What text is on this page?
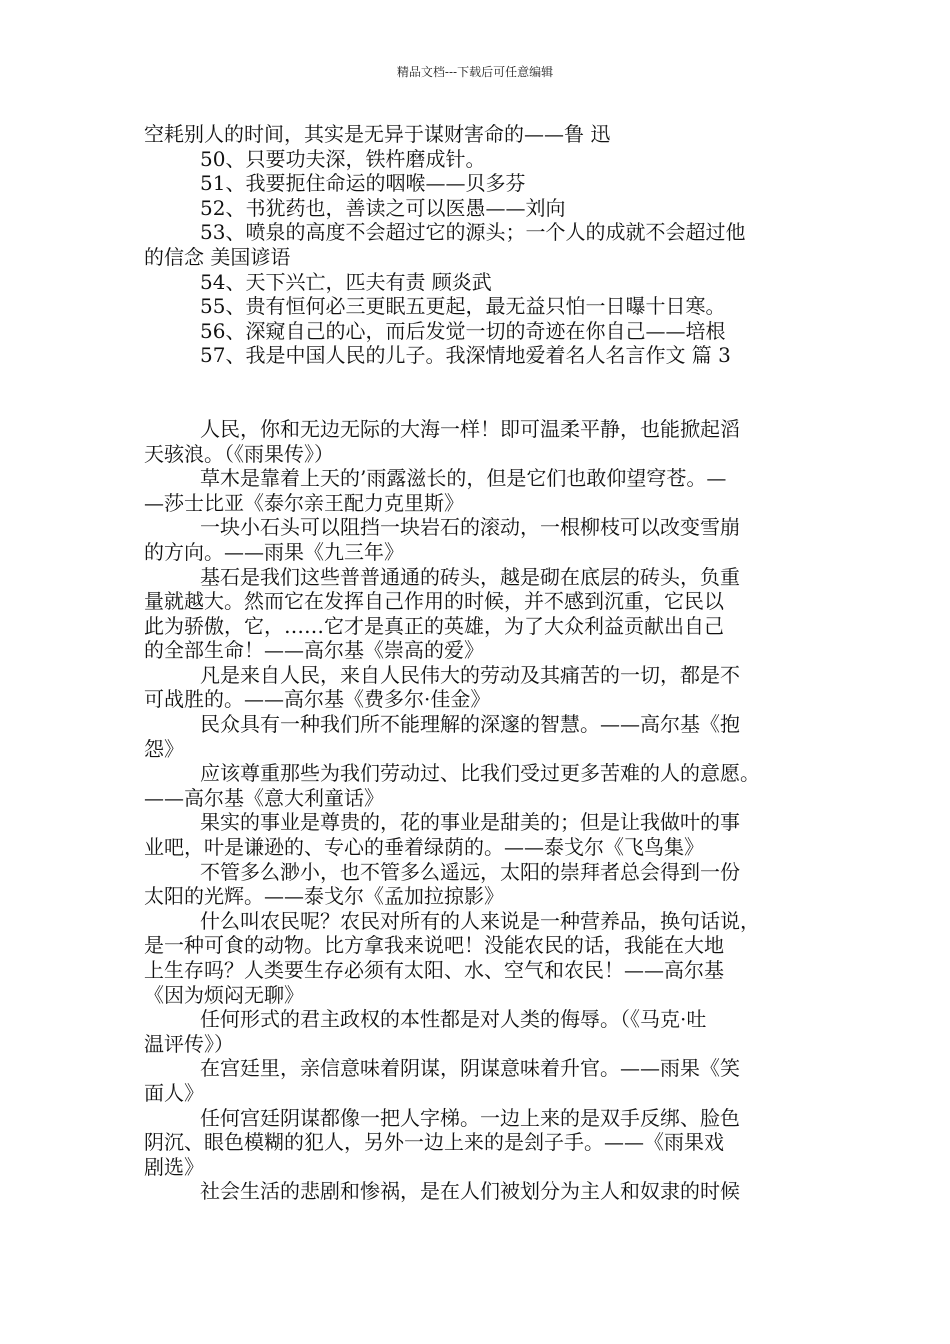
精品文档---下载后可任意编辑
空耗别人的时间，其实是无异于谋财害命的——鲁 迅
50、只要功夫深，铁杵磨成针。
51、我要扼住命运的咽喉——贝多芬
52、书犹药也，善读之可以医愚——刘向
53、喷泉的高度不会超过它的源头；一个人的成就不会超过他
的信念 美国谚语
54、天下兴亡，匹夫有责 顾炎武
55、贵有恒何必三更眠五更起，最无益只怕一日曝十日寒。
56、深窥自己的心，而后发觉一切的奇迹在你自己——培根
57、我是中国人民的儿子。我深情地爱着名人名言作文 篇 3
人民，你和无边无际的大海一样！即可温柔平静，也能掀起滔
天骇浪。（《雨果传》）
草木是靠着上天的’雨露滋长的，但是它们也敢仰望穹苍。—
—莎士比亚《泰尔亲王配力克里斯》
一块小石头可以阻挡一块岩石的滚动，一根柳枝可以改变雪崩
的方向。——雨果《九三年》
基石是我们这些普普通通的砖头，越是砌在底层的砖头，负重
量就越大。然而它在发挥自己作用的时候，并不感到沉重，它民以
此为骄傲，它，……它才是真正的英雄，为了大众利益贡献出自己
的全部生命！——高尔基《崇高的爱》
凡是来自人民，来自人民伟大的劳动及其痛苦的一切，都是不
可战胜的。——高尔基《费多尔·佳金》
民众具有一种我们所不能理解的深邃的智慧。——高尔基《抱
怨》
应该尊重那些为我们劳动过、比我们受过更多苦难的人的意愿。
——高尔基《意大利童话》
果实的事业是尊贵的，花的事业是甜美的；但是让我做叶的事
业吧，叶是谦逊的、专心的垂着绿荫的。——泰戈尔《飞鸟集》
不管多么渺小，也不管多么遥远，太阳的崇拜者总会得到一份
太阳的光辉。——泰戈尔《孟加拉掠影》
什么叫农民呢？农民对所有的人来说是一种营养品，换句话说，
是一种可食的动物。比方拿我来说吧！没能农民的话，我能在大地
上生存吗？人类要生存必须有太阳、水、空气和农民！——高尔基
《因为烦闷无聊》
任何形式的君主政权的本性都是对人类的侮辱。（《马克·吐
温评传》）
在宫廷里，亲信意味着阴谋，阴谋意味着升官。——雨果《笑
面人》
任何宫廷阴谋都像一把人字梯。一边上来的是双手反绑、脸色
阴沉、眼色模糊的犯人，另外一边上来的是刽子手。——《雨果戏
剧选》
社会生活的悲剧和惨祸，是在人们被划分为主人和奴隶的时候
